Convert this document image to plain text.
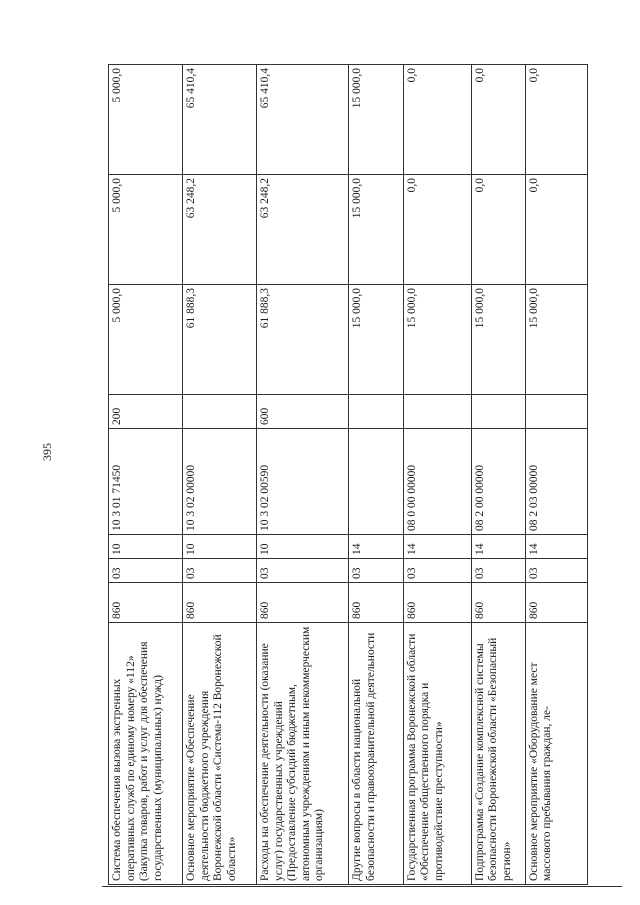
395
Система обеспечения вызова экстренных оперативных служб по единому номеру «112» (Закупка товаров, работ и услуг для обеспечения государственных (муниципальных) нужд)	860	03	10	10 3 01 71450	200	5 000,0	5 000,0	5 000,0
Основное мероприятие «Обеспечение деятельности бюджетного учреждения Воронежской области «Система-112 Воронежской области»	860	03	10	10 3 02 00000		61 888,3	63 248,2	65 410,4
Расходы на обеспечение деятельности (оказание услуг) государственных учреждений (Предоставление субсидий бюджетным, автономным учреждениям и иным некоммерческим организациям)	860	03	10	10 3 02 00590	600	61 888,3	63 248,2	65 410,4
Другие вопросы в области национальной безопасности и правоохранительной деятельности	860	03	14			15 000,0	15 000,0	15 000,0
Государственная программа Воронежской области «Обеспечение общественного порядка и противодействие преступности»	860	03	14	08 0 00 00000		15 000,0	0,0	0,0
Подпрограмма «Создание комплексной системы безопасности Воронежской области «Безопасный регион»	860	03	14	08 2 00 00000		15 000,0	0,0	0,0
Основное мероприятие «Оборудование мест массового пребывания граждан, ле-	860	03	14	08 2 03 00000		15 000,0	0,0	0,0
